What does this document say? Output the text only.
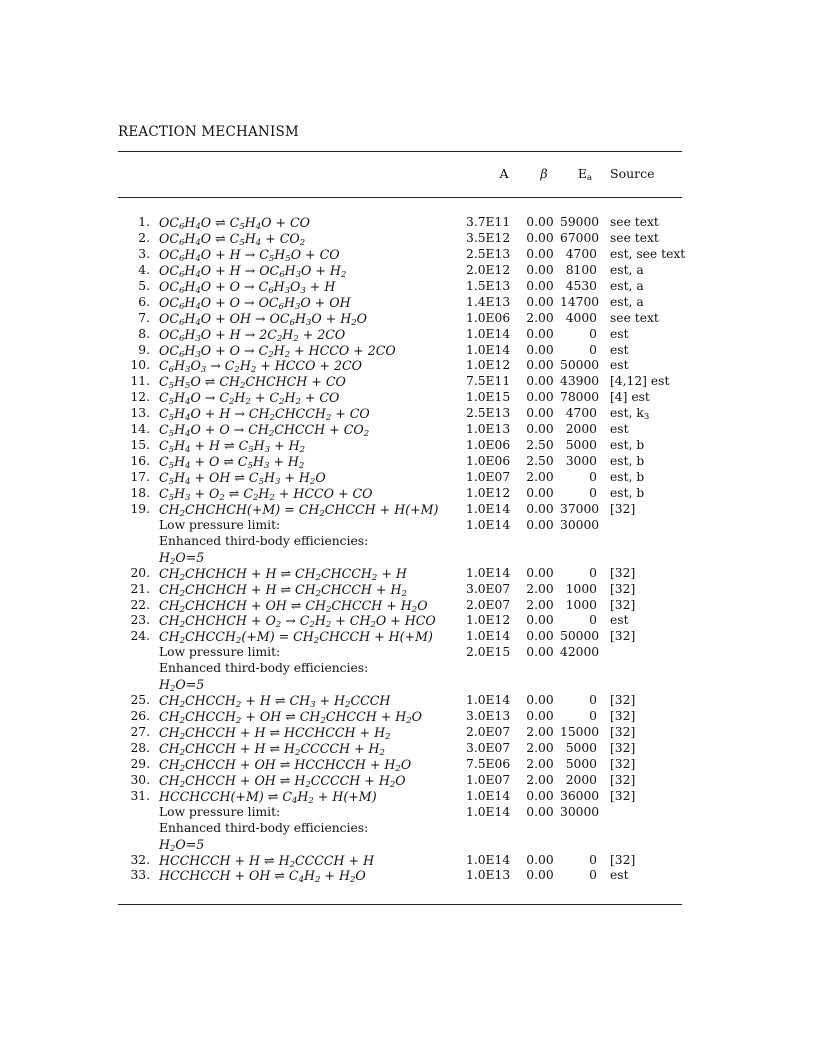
REACTION MECHANISM
A	β	$E_a$	Source
1. $OC_6H_4O$ ⇌ $C_5H_4O$ + CO	3.7E11	0.00 59000 see text
2. $OC_6H_4O$ ⇌ $C_5H_4 + CO_2$	3.5E12	0.00 67000 see text
3. $OC_6H_4O + H \to C_5H_5O$ + CO	2.5E13	0.00 4700 est, see text
4. $OC_6H_4O + H \to OC_6H_3O + H_2$	2.0E12	0.00 8100 est, a
5. $OC_6H_4O + O \to C_6H_3O_3 + H$	1.5E13	0.00 4530 est, a
6. $OC_6H_4O + O \to OC_6H_3O$ + OH	1.4E13	0.00 14700 est, a
7. $OC_6H_4O$ + OH → $OC_6H_3O + H_2O$	1.0E06	2.00 4000 see text
8. $OC_6H_3O + H \to 2C_2H_2 + 2CO$	1.0E14	0.00	0 est
9. $OC_6H_3O + O \to C_2H_2$ + HCCO + 2CO	1.0E14	0.00	0 est
10. $C_6H_3O_3 \to C_2H_2$ + HCCO + 2CO	1.0E12	0.00 50000 est
11. $C_5H_5O$ ⇌ $CH_2CHCHCH$ + CO	7.5E11	0.00 43900 [4,12] est
12. $C_5H_4O \to C_2H_2 + C_2H_2$ + CO	1.0E15	0.00 78000 [4] est
13. $C_5H_4O + H$ → $CH_2CHCCH_2$ + CO	2.5E13	0.00 4700 est, $k_3$
14. $C_5H_4O + O$ → $CH_2CHCCH + CO_2$	1.0E13	0.00 2000 est
15. $C_5H_4 + H$ ⇌ $C_5H_3 + H_2$	1.0E06	2.50 5000 est, b
16. $C_5H_4 + O$ ⇌ $C_5H_3 + H_2$	1.0E06	2.50 3000 est, b
17. $C_5H_4$ + OH ⇌ $C_5H_3 + H_2O$	1.0E07	2.00	0 est, b
18. $C_5H_3 + O_2$ ⇌ $C_2H_2$ + HCCO + CO	1.0E12	0.00	0 est, b
19. $CH_2CHCHCH(+M)$ = $CH_2CHCCH + H(+M)$ 1.0E14	0.00 37000 [32]
Low pressure limit:	1.0E14	0.00 30000
Enhanced third-body efficiencies:
$H_2O=5$
20. $CH_2CHCHCH + H$ ⇌ $CH_2CHCCH_2 + H$	1.0E14	0.00	0 [32]
21. $CH_2CHCHCH + H$ ⇌ $CH_2CHCCH + H_2$	3.0E07	2.00 1000 [32]
22. $CH_2CHCHCH$ + OH ⇌ $CH_2CHCCH + H_2O$	2.0E07	2.00 1000 [32]
23. $CH_2CHCHCH + O_2 \to C_2H_2 + CH_2O$ + HCO 1.0E12	0.00	0 est
24. $CH_2CHCCH_2(+M)$ = $CH_2CHCCH + H(+M)$	1.0E14	0.00 50000 [32]
Low pressure limit:	2.0E15	0.00 42000
Enhanced third-body efficiencies:
$H_2O=5$
25. $CH_2CHCCH_2 + H$ ⇌ $CH_3$ + $H_2CCCH$	1.0E14	0.00	0 [32]
26. $CH_2CHCCH_2$ + OH ⇌ $CH_2CHCCH + H_2O$	3.0E13	0.00	0 [32]
27. $CH_2CHCCH + H$ ⇌ HCCHCCH + $H_2$	2.0E07	2.00 15000 [32]
28. $CH_2CHCCH + H$ ⇌ $H_2CCCCH + H_2$	3.0E07	2.00 5000 [32]
29. $CH_2CHCCH$ + OH ⇌ HCCHCCH + $H_2O$	7.5E06	2.00 5000 [32]
30. $CH_2CHCCH$ + OH ⇌ $H_2CCCCH + H_2O$	1.0E07	2.00 2000 [32]
31. HCCHCCH(+M) ⇌ $C_4H_2 + H(+M)$	1.0E14	0.00 36000 [32]
Low pressure limit:	1.0E14	0.00 30000
Enhanced third-body efficiencies:
$H_2O=5$
32. HCCHCCH + H ⇌ $H_2CCCCH + H$	1.0E14	0.00	0 [32]
33. HCCHCCH + OH ⇌ $C_4H_2 + H_2O$	1.0E13	0.00	0 est
